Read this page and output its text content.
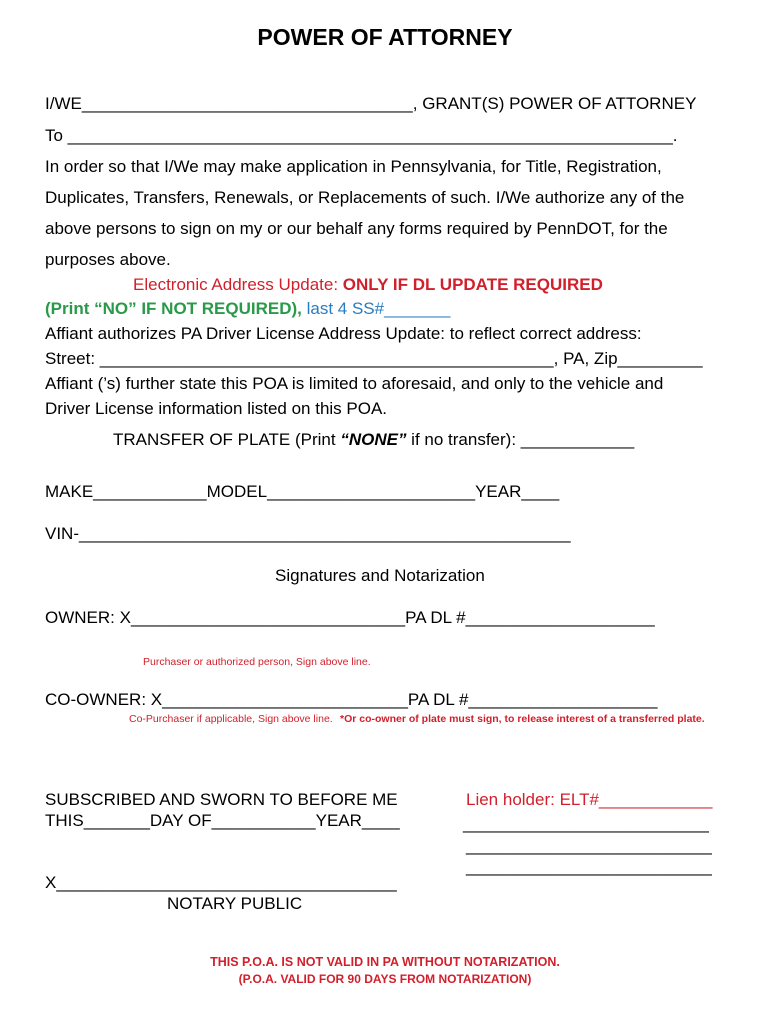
POWER OF ATTORNEY
I/WE___________________________________, GRANT(S) POWER OF ATTORNEY
To ________________________________________________________________.
In order so that I/We may make application in Pennsylvania, for Title, Registration,
Duplicates, Transfers, Renewals, or Replacements of such. I/We authorize any of the
above persons to sign on my or our behalf any forms required by PennDOT, for the
purposes above.
Electronic Address Update: ONLY IF DL UPDATE REQUIRED
(Print “NO” IF NOT REQUIRED), last 4 SS#_______
Affiant authorizes PA Driver License Address Update: to reflect correct address:
Street: ________________________________________________, PA, Zip_________
Affiant (’s) further state this POA is limited to aforesaid, and only to the vehicle and
Driver License information listed on this POA.
TRANSFER OF PLATE (Print “NONE” if no transfer): ____________
MAKE____________MODEL______________________YEAR____
VIN-____________________________________________________
Signatures and Notarization
OWNER: X_____________________________PA DL #____________________
Purchaser or authorized person, Sign above line.
CO-OWNER: X__________________________PA DL #____________________
Co-Purchaser if applicable, Sign above line. *Or co-owner of plate must sign, to release interest of a transferred plate.
SUBSCRIBED AND SWORN TO BEFORE ME
THIS_______DAY OF___________YEAR____
Lien holder: ELT#____________
__________________________
__________________________
__________________________
X____________________________________
NOTARY PUBLIC
THIS P.O.A. IS NOT VALID IN PA WITHOUT NOTARIZATION.
(P.O.A. VALID FOR 90 DAYS FROM NOTARIZATION)
